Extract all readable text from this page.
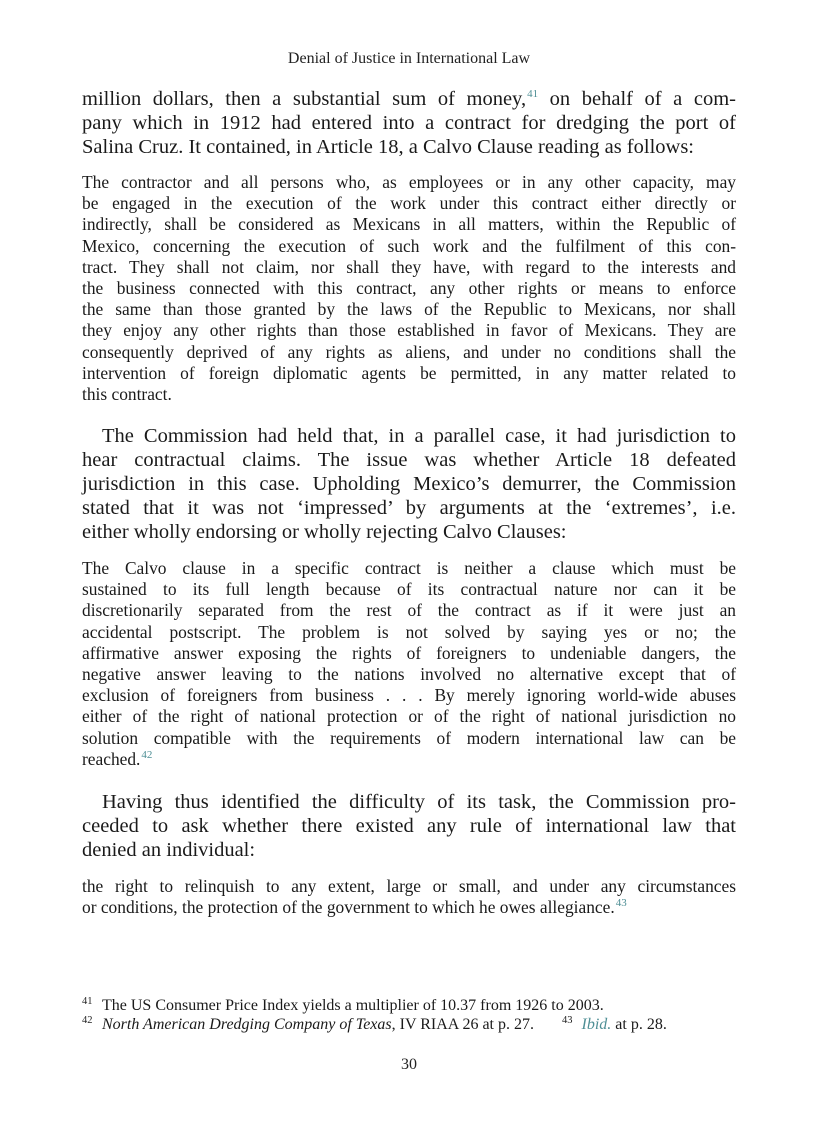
Denial of Justice in International Law
million dollars, then a substantial sum of money,$^{41}$ on behalf of a com-
pany which in 1912 had entered into a contract for dredging the port of
Salina Cruz. It contained, in Article 18, a Calvo Clause reading as follows:
The contractor and all persons who, as employees or in any other capacity, may
be engaged in the execution of the work under this contract either directly or
indirectly, shall be considered as Mexicans in all matters, within the Republic of
Mexico, concerning the execution of such work and the fulfilment of this con-
tract. They shall not claim, nor shall they have, with regard to the interests and
the business connected with this contract, any other rights or means to enforce
the same than those granted by the laws of the Republic to Mexicans, nor shall
they enjoy any other rights than those established in favor of Mexicans. They are
consequently deprived of any rights as aliens, and under no conditions shall the
intervention of foreign diplomatic agents be permitted, in any matter related to
this contract.
The Commission had held that, in a parallel case, it had jurisdiction to
hear contractual claims. The issue was whether Article 18 defeated
jurisdiction in this case. Upholding Mexico’s demurrer, the Commission
stated that it was not ‘impressed’ by arguments at the ‘extremes’, i.e.
either wholly endorsing or wholly rejecting Calvo Clauses:
The Calvo clause in a specific contract is neither a clause which must be
sustained to its full length because of its contractual nature nor can it be
discretionarily separated from the rest of the contract as if it were just an
accidental postscript. The problem is not solved by saying yes or no; the
affirmative answer exposing the rights of foreigners to undeniable dangers, the
negative answer leaving to the nations involved no alternative except that of
exclusion of foreigners from business . . . By merely ignoring world-wide abuses
either of the right of national protection or of the right of national jurisdiction no
solution compatible with the requirements of modern international law can be
reached.$^{42}$
Having thus identified the difficulty of its task, the Commission pro-
ceeded to ask whether there existed any rule of international law that
denied an individual:
the right to relinquish to any extent, large or small, and under any circumstances
or conditions, the protection of the government to which he owes allegiance.$^{43}$
41 The US Consumer Price Index yields a multiplier of 10.37 from 1926 to 2003.
42 North American Dredging Company of Texas, IV RIAA 26 at p. 27.	43 Ibid. at p. 28.
30
